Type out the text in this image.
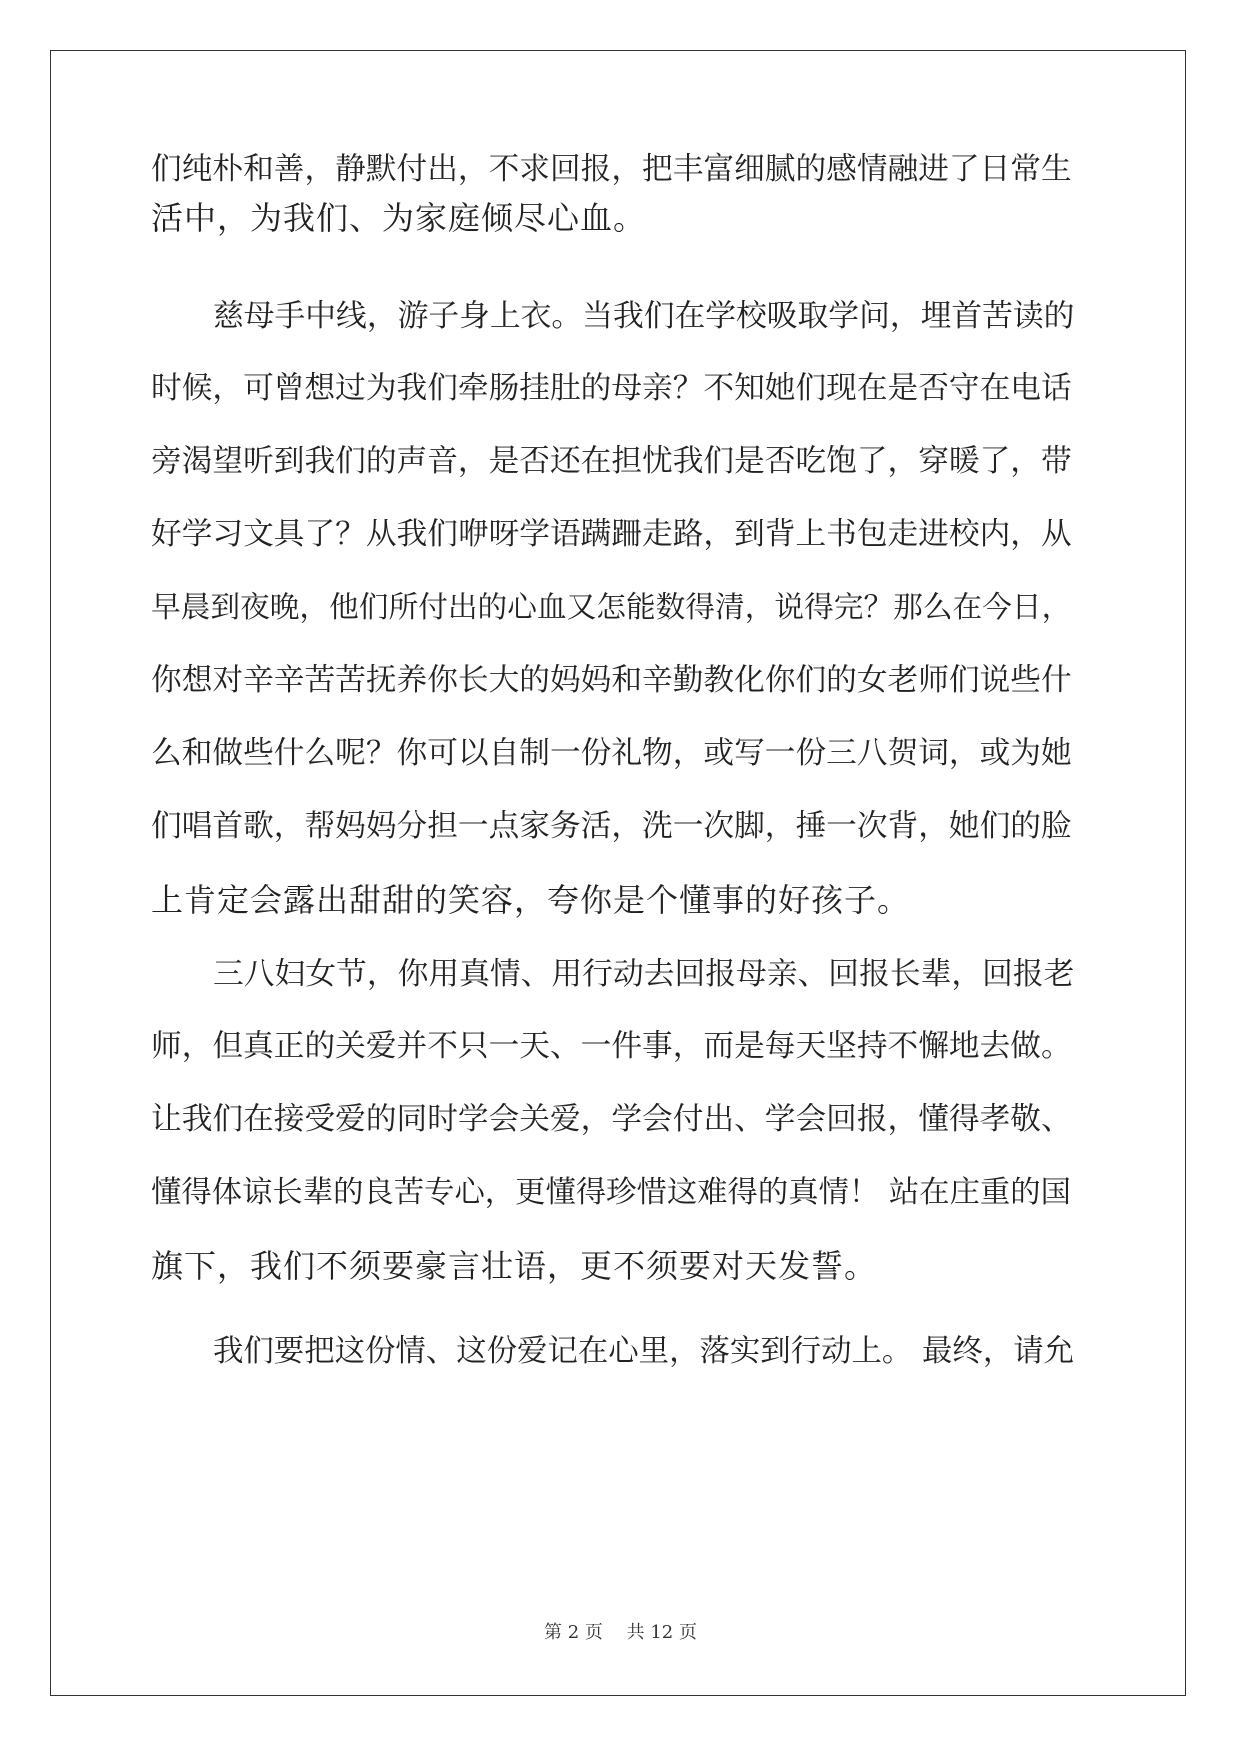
们纯朴和善，静默付出，不求回报，把丰富细腻的感情融进了日常生
活中，为我们、为家庭倾尽心血。
慈母手中线，游子身上衣。当我们在学校吸取学问，埋首苦读的
时候，可曾想过为我们牵肠挂肚的母亲？不知她们现在是否守在电话
旁渴望听到我们的声音，是否还在担忧我们是否吃饱了，穿暖了，带
好学习文具了？从我们咿呀学语蹒跚走路，到背上书包走进校内，从
早晨到夜晚，他们所付出的心血又怎能数得清，说得完？那么在今日，
你想对辛辛苦苦抚养你长大的妈妈和辛勤教化你们的女老师们说些什
么和做些什么呢？你可以自制一份礼物，或写一份三八贺词，或为她
们唱首歌，帮妈妈分担一点家务活，洗一次脚，捶一次背，她们的脸
上肯定会露出甜甜的笑容，夸你是个懂事的好孩子。
三八妇女节，你用真情、用行动去回报母亲、回报长辈，回报老
师，但真正的关爱并不只一天、一件事，而是每天坚持不懈地去做。
让我们在接受爱的同时学会关爱，学会付出、学会回报，懂得孝敬、
懂得体谅长辈的良苦专心，更懂得珍惜这难得的真情！ 站在庄重的国
旗下，我们不须要豪言壮语，更不须要对天发誓。
我们要把这份情、这份爱记在心里，落实到行动上。 最终，请允
第 2 页　 共 12 页
